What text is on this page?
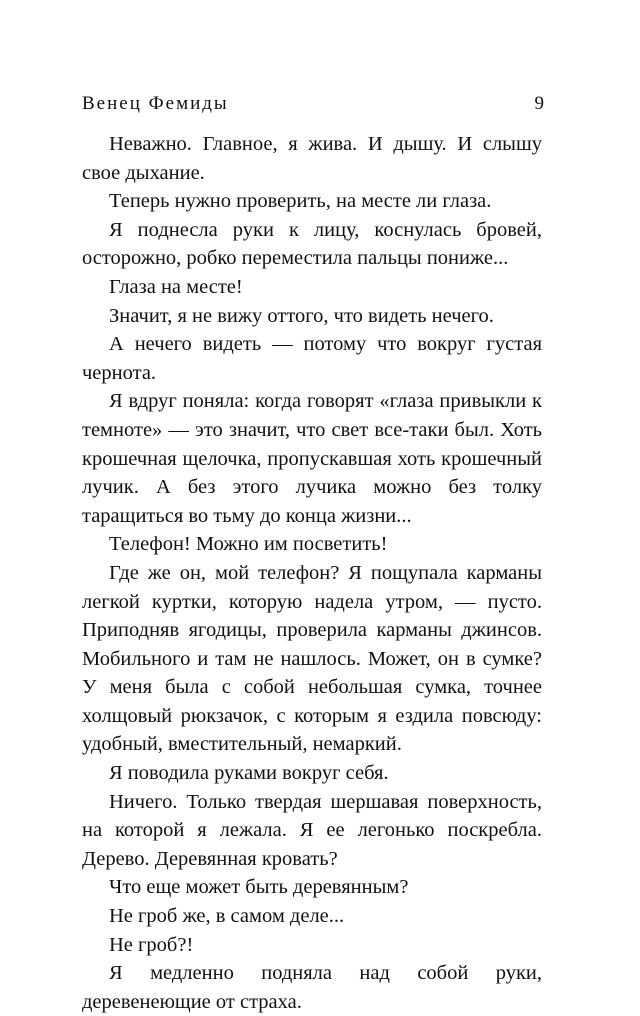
Венец Фемиды	9

Неважно. Главное, я жива. И дышу. И слышу свое дыхание.

Теперь нужно проверить, на месте ли глаза.

Я поднесла руки к лицу, коснулась бровей, осторожно, робко переместила пальцы пониже...

Глаза на месте!

Значит, я не вижу оттого, что видеть нечего.

А нечего видеть — потому что вокруг густая чернота.

Я вдруг поняла: когда говорят «глаза привыкли к темноте» — это значит, что свет все-таки был. Хоть крошечная щелочка, пропускавшая хоть крошечный лучик. А без этого лучика можно без толку таращиться во тьму до конца жизни...

Телефон! Можно им посветить!

Где же он, мой телефон? Я пощупала карманы легкой куртки, которую надела утром, — пусто. Приподняв ягодицы, проверила карманы джинсов. Мобильного и там не нашлось. Может, он в сумке? У меня была с собой небольшая сумка, точнее холщовый рюкзачок, с которым я ездила повсюду: удобный, вместительный, немаркий.

Я поводила руками вокруг себя.

Ничего. Только твердая шершавая поверхность, на которой я лежала. Я ее легонько поскребла. Дерево. Деревянная кровать?

Что еще может быть деревянным?

Не гроб же, в самом деле...

Не гроб?!

Я медленно подняла над собой руки, деревенеющие от страха.
